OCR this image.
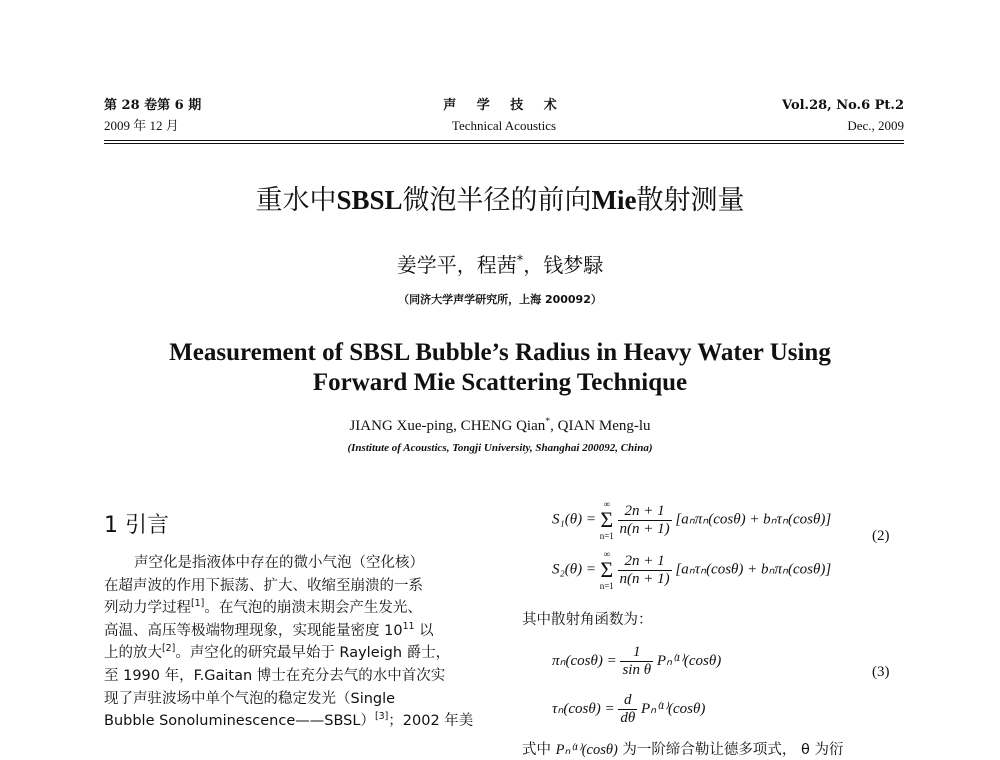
第 28 卷第 6 期
2009 年 12 月
声 学 技 术
Technical Acoustics
Vol.28, No.6 Pt.2
Dec., 2009
重水中SBSL微泡半径的前向Mie散射测量
姜学平，程茜*，钱梦騄
（同济大学声学研究所，上海 200092）
Measurement of SBSL Bubble’s Radius in Heavy Water Using
Forward Mie Scattering Technique
JIANG Xue-ping, CHENG Qian*, QIAN Meng-lu
(Institute of Acoustics, Tongji University, Shanghai 200092, China)
1 引言
声空化是指液体中存在的微小气泡（空化核）
在超声波的作用下振荡、扩大、收缩至崩溃的一系
列动力学过程[1]。在气泡的崩溃末期会产生发光、
高温、高压等极端物理现象，实现能量密度 $10^{11}$ 以
上的放大[2]。声空化的研究最早始于 Rayleigh 爵士，
至 1990 年，F.Gaitan 博士在充分去气的水中首次实
现了声驻波场中单个气泡的稳定发光（Single
Bubble Sonoluminescence——SBSL）[3]；2002 年美
S₁(θ) =
∞
Σ
n=1
$\frac{2n + 1}{n(n + 1)} [a_n\pi_n(\cos\theta) + b_n\tau_n(\cos\theta)]$
S₂(θ) =
∞
Σ
n=1
$\frac{2n + 1}{n(n + 1)} [a_n\tau_n(\cos\theta) + b_n\pi_n(\cos\theta)]$
(2)
其中散射角函数为：
$\pi_n(\cos\theta) = \frac{1}{\text{sin θ}} P_n^{(1)}(\cos\theta)$
$\tau_n(\cos\theta) = \frac{d}{d\theta} P_n^{(1)}(\cos\theta)$
(3)
式中 Pₙ⁽¹⁾(cosθ) 为一阶缔合勒让德多项式， θ 为衍
